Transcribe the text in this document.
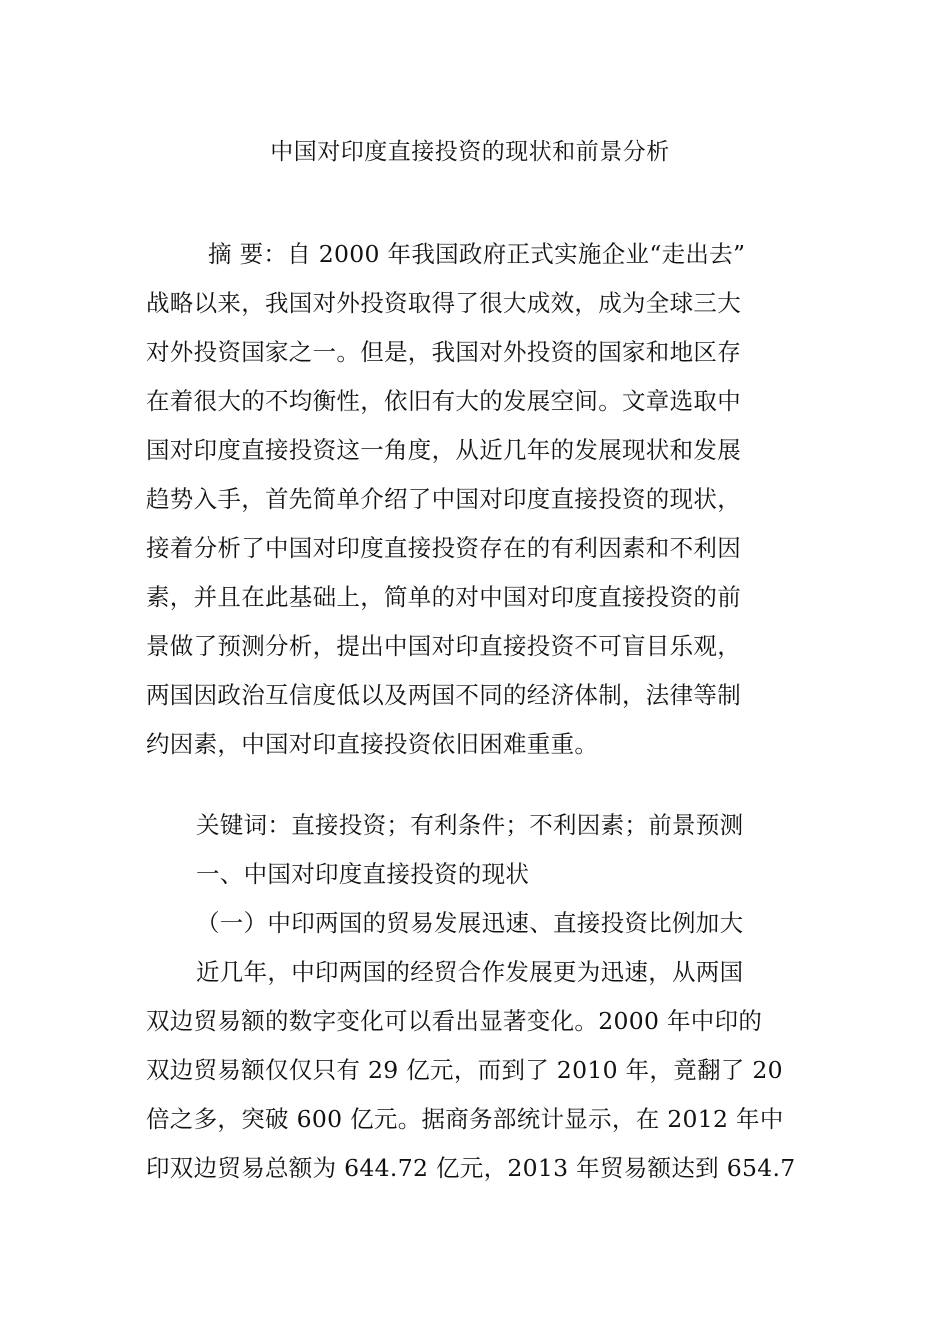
中国对印度直接投资的现状和前景分析
摘 要：自 2000 年我国政府正式实施企业“走出去”
战略以来，我国对外投资取得了很大成效，成为全球三大
对外投资国家之一。但是，我国对外投资的国家和地区存
在着很大的不均衡性，依旧有大的发展空间。文章选取中
国对印度直接投资这一角度，从近几年的发展现状和发展
趋势入手，首先简单介绍了中国对印度直接投资的现状，
接着分析了中国对印度直接投资存在的有利因素和不利因
素，并且在此基础上，简单的对中国对印度直接投资的前
景做了预测分析，提出中国对印直接投资不可盲目乐观，
两国因政治互信度低以及两国不同的经济体制，法律等制
约因素，中国对印直接投资依旧困难重重。
关键词：直接投资；有利条件；不利因素；前景预测
一、中国对印度直接投资的现状
（一）中印两国的贸易发展迅速、直接投资比例加大
近几年，中印两国的经贸合作发展更为迅速，从两国
双边贸易额的数字变化可以看出显著变化。2000 年中印的
双边贸易额仅仅只有 29 亿元，而到了 2010 年，竟翻了 20
倍之多，突破 600 亿元。据商务部统计显示，在 2012 年中
印双边贸易总额为 644.72 亿元，2013 年贸易额达到 654.7
